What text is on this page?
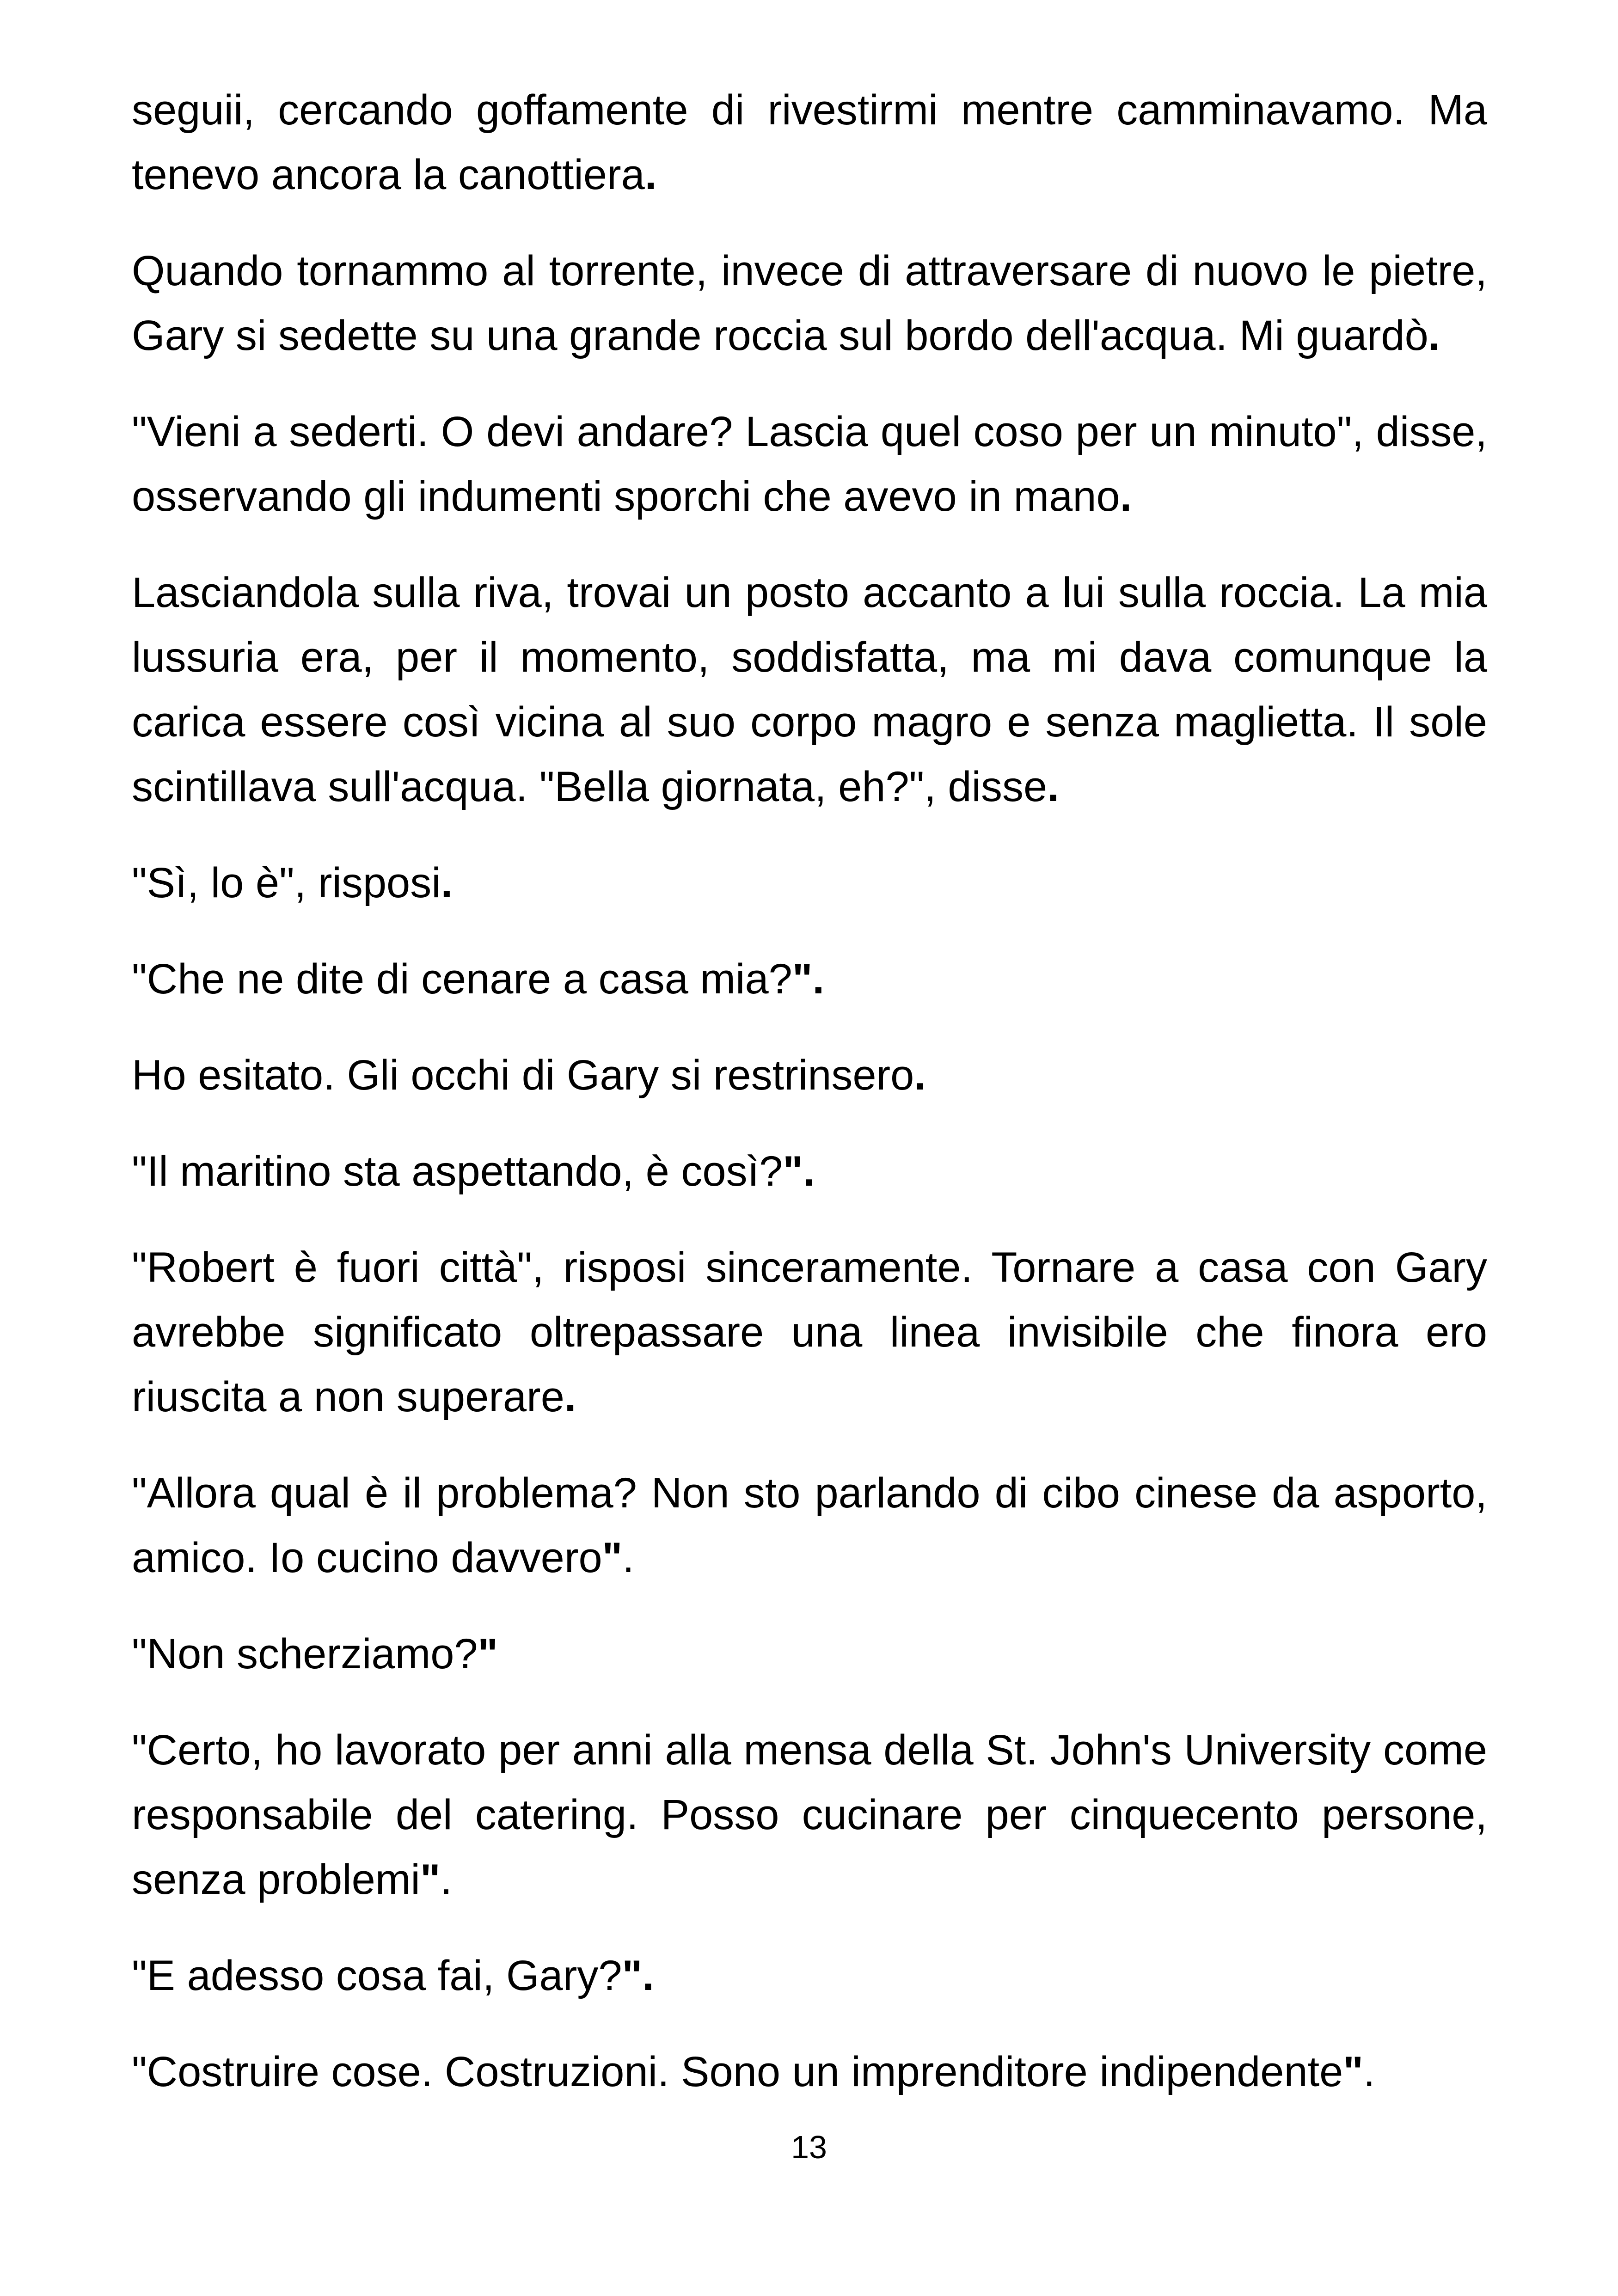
seguii, cercando goffamente di rivestirmi mentre camminavamo. Ma tenevo ancora la canottiera.

Quando tornammo al torrente, invece di attraversare di nuovo le pietre, Gary si sedette su una grande roccia sul bordo dell'acqua. Mi guardò.

"Vieni a sederti. O devi andare? Lascia quel coso per un minuto", disse, osservando gli indumenti sporchi che avevo in mano.

Lasciandola sulla riva, trovai un posto accanto a lui sulla roccia. La mia lussuria era, per il momento, soddisfatta, ma mi dava comunque la carica essere così vicina al suo corpo magro e senza maglietta. Il sole scintillava sull'acqua. "Bella giornata, eh?", disse.

"Sì, lo è", risposi.

"Che ne dite di cenare a casa mia?".

Ho esitato. Gli occhi di Gary si restrinsero.

"Il maritino sta aspettando, è così?".

"Robert è fuori città", risposi sinceramente. Tornare a casa con Gary avrebbe significato oltrepassare una linea invisibile che finora ero riuscita a non superare.

"Allora qual è il problema? Non sto parlando di cibo cinese da asporto, amico. Io cucino davvero".

"Non scherziamo?"

"Certo, ho lavorato per anni alla mensa della St. John's University come responsabile del catering. Posso cucinare per cinquecento persone, senza problemi".

"E adesso cosa fai, Gary?".

"Costruire cose. Costruzioni. Sono un imprenditore indipendente".

13
